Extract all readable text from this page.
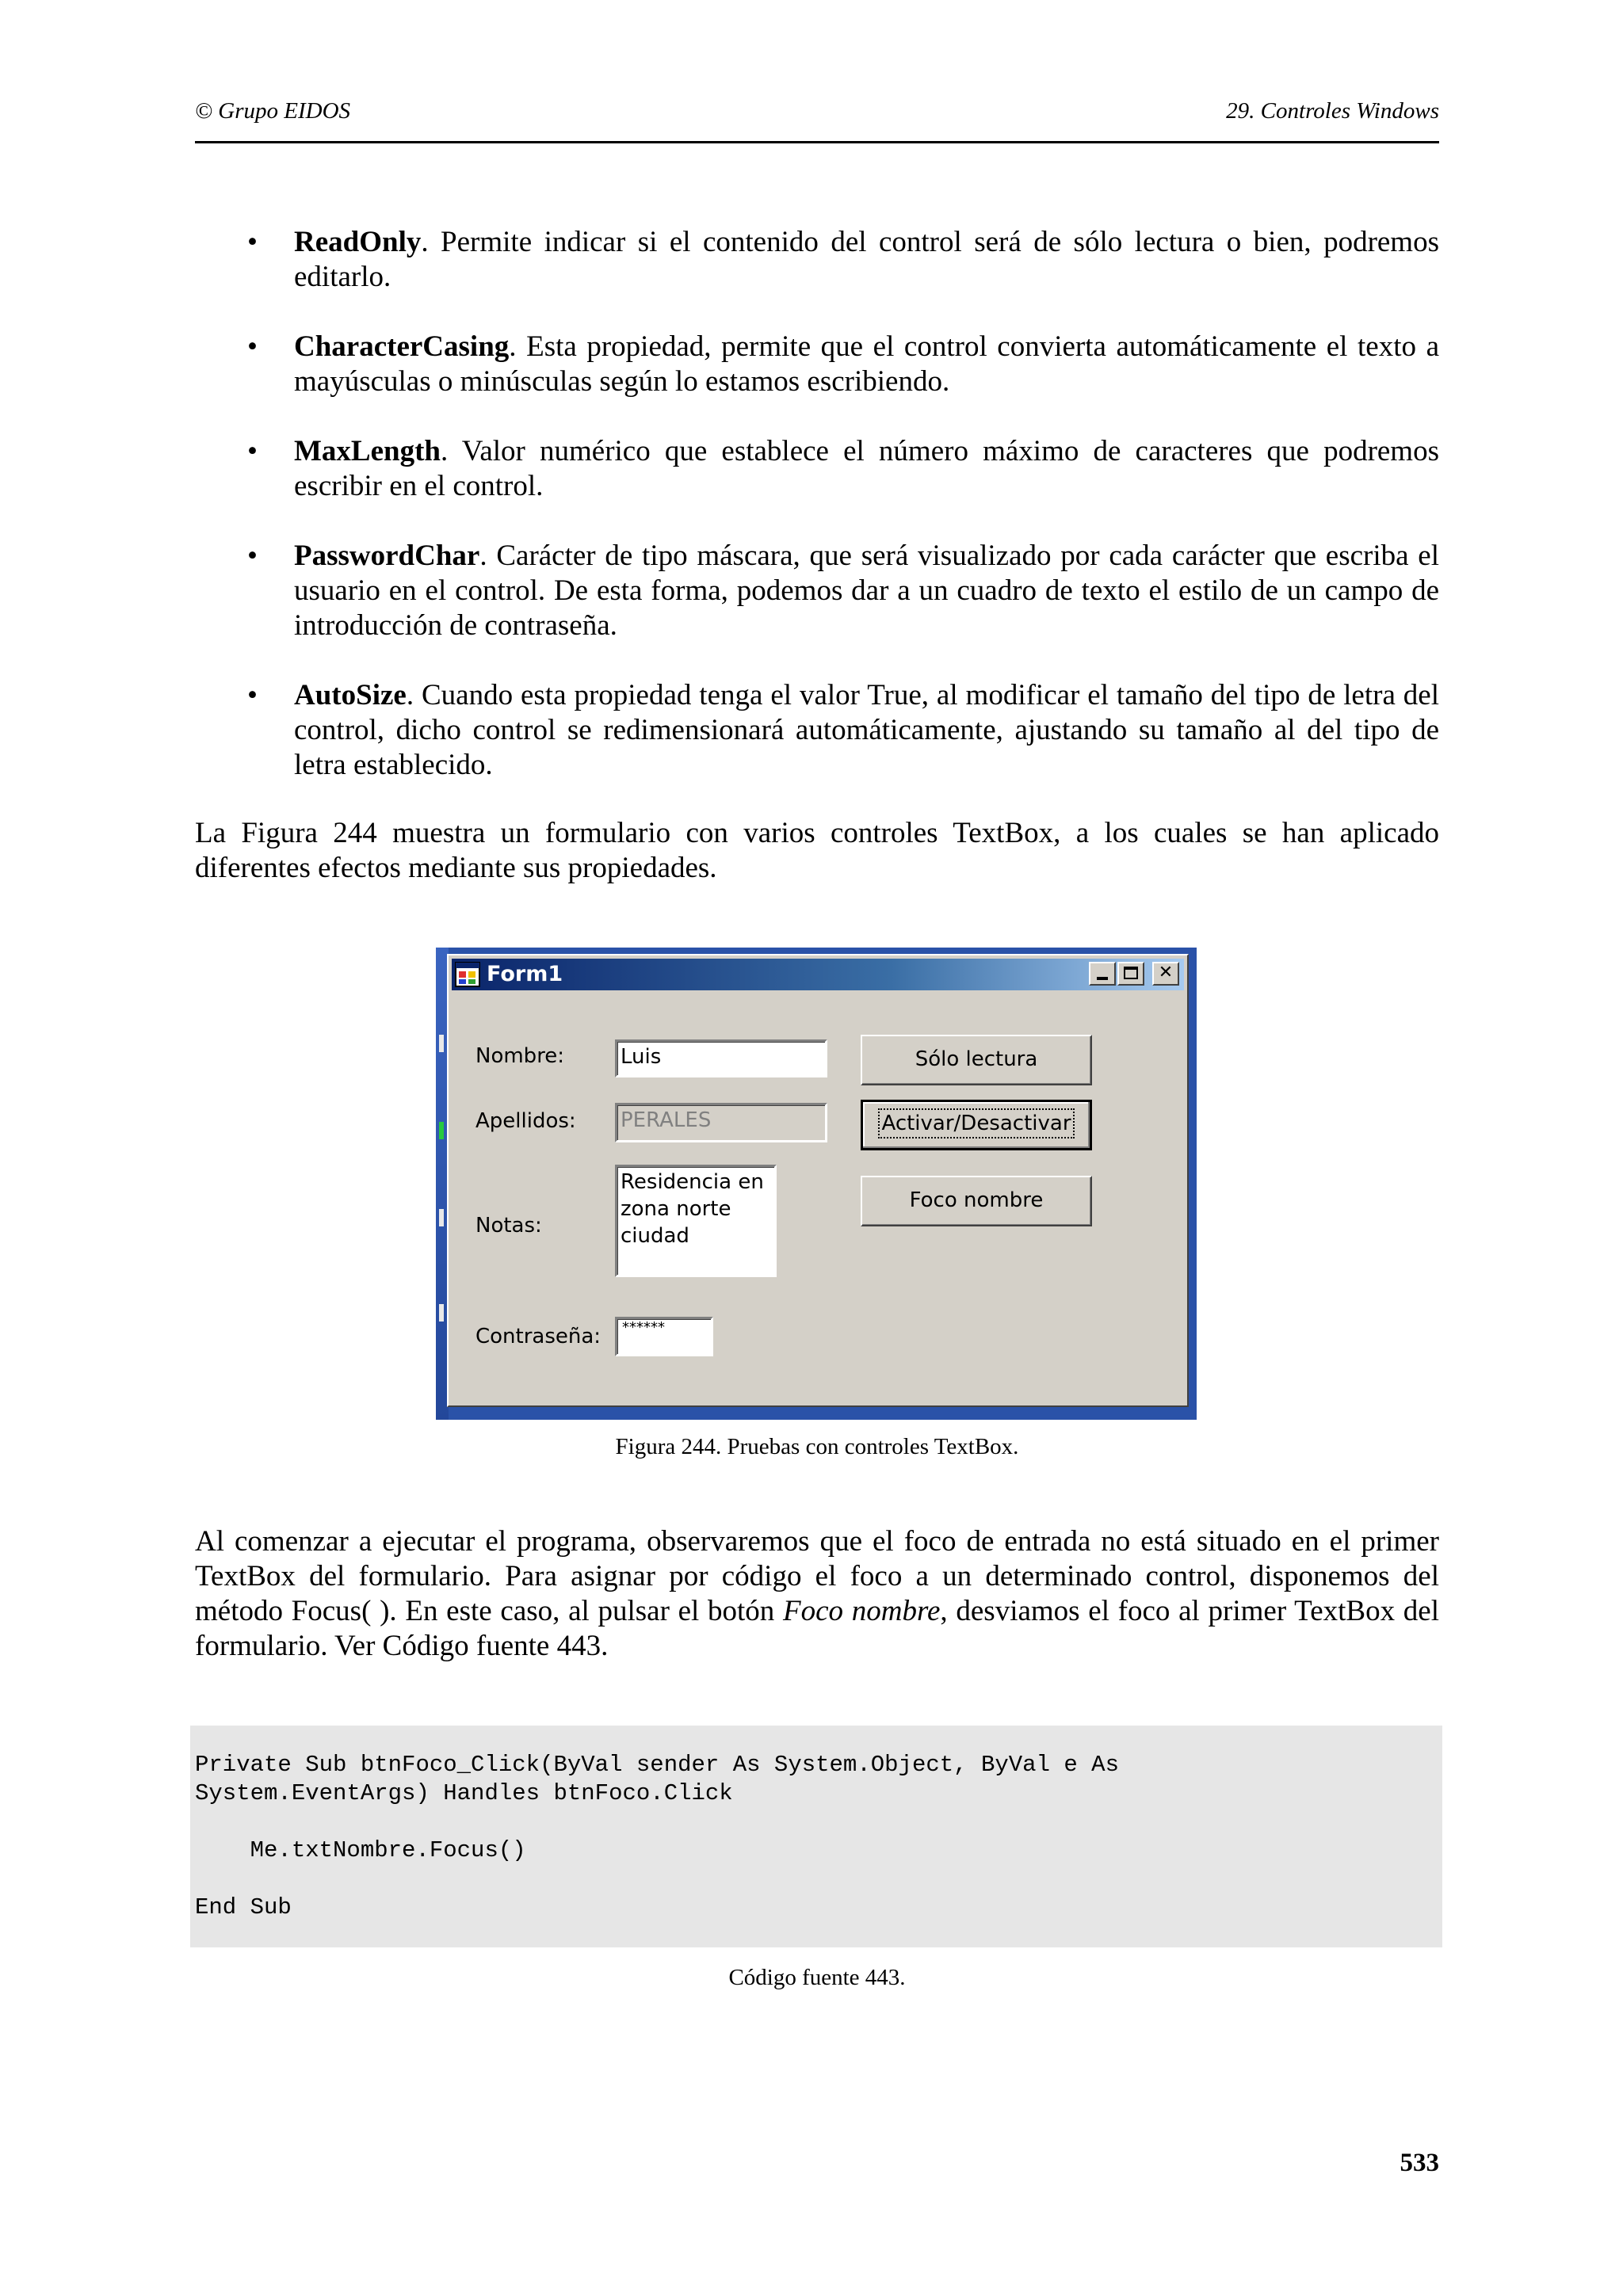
© Grupo EIDOS	29. Controles Windows
• ReadOnly. Permite indicar si el contenido del control será de sólo lectura o bien, podremos editarlo.
• CharacterCasing. Esta propiedad, permite que el control convierta automáticamente el texto a mayúsculas o minúsculas según lo estamos escribiendo.
• MaxLength. Valor numérico que establece el número máximo de caracteres que podremos escribir en el control.
• PasswordChar. Carácter de tipo máscara, que será visualizado por cada carácter que escriba el usuario en el control. De esta forma, podemos dar a un cuadro de texto el estilo de un campo de introducción de contraseña.
• AutoSize. Cuando esta propiedad tenga el valor True, al modificar el tamaño del tipo de letra del control, dicho control se redimensionará automáticamente, ajustando su tamaño al del tipo de letra establecido.

La Figura 244 muestra un formulario con varios controles TextBox, a los cuales se han aplicado diferentes efectos mediante sus propiedades.

Form1	✕
Nombre:	Luis
Apellidos: PERALES
Notas:
Residencia en
zona norte
ciudad
Contraseña:	******
Sólo lectura
Activar/Desactivar
Foco nombre
Figura 244. Pruebas con controles TextBox.

Al comenzar a ejecutar el programa, observaremos que el foco de entrada no está situado en el primer TextBox del formulario. Para asignar por código el foco a un determinado control, disponemos del método Focus( ). En este caso, al pulsar el botón Foco nombre, desviamos el foco al primer TextBox del formulario. Ver Código fuente 443.

Private Sub btnFoco_Click(ByVal sender As System.Object, ByVal e As
System.EventArgs) Handles btnFoco.Click

Me.txtNombre.Focus()

End Sub
Código fuente 443.
533
